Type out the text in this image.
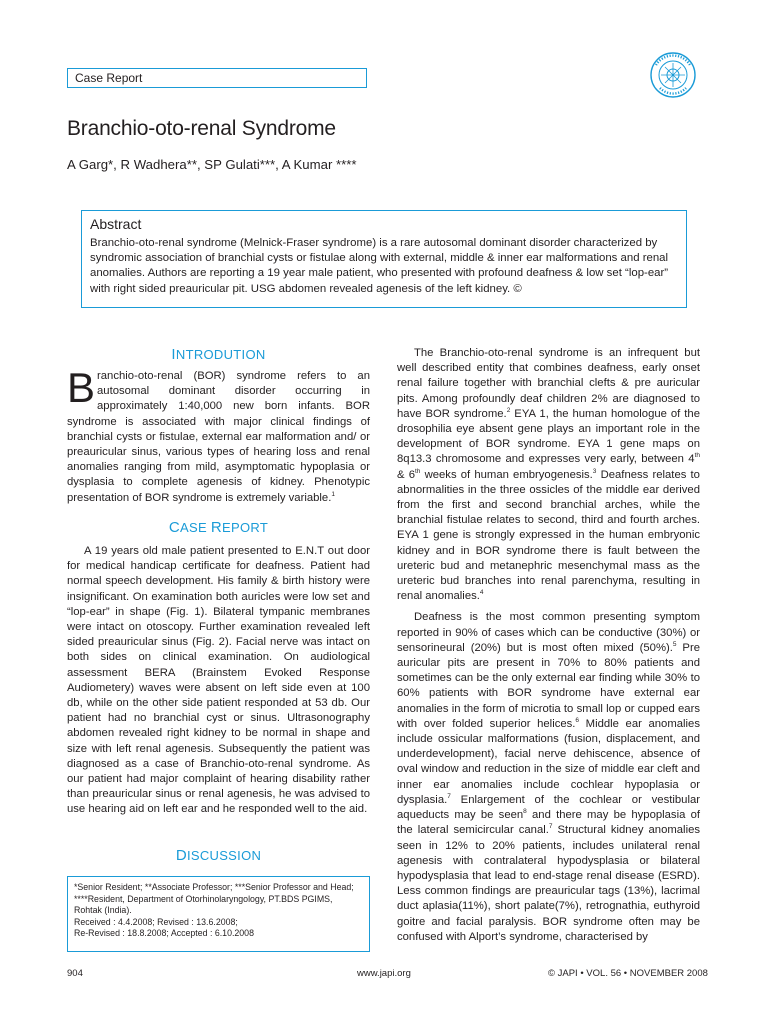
Case Report
Branchio-oto-renal Syndrome
A Garg*, R Wadhera**, SP Gulati***, A Kumar ****
Abstract

Branchio-oto-renal syndrome (Melnick-Fraser syndrome) is a rare autosomal dominant disorder characterized by syndromic association of branchial cysts or fistulae along with external, middle & inner ear malformations and renal anomalies. Authors are reporting a 19 year male patient, who presented with profound deafness & low set “lop-ear” with right sided preauricular pit. USG abdomen revealed agenesis of the left kidney. ©

INTRODUTION

Branchio-oto-renal (BOR) syndrome refers to an autosomal dominant disorder occurring in approximately 1:40,000 new born infants. BOR syndrome is associated with major clinical findings of branchial cysts or fistulae, external ear malformation and/ or preauricular sinus, various types of hearing loss and renal anomalies ranging from mild, asymptomatic hypoplasia or dysplasia to complete agenesis of kidney. Phenotypic presentation of BOR syndrome is extremely variable.$^1$

CASE REPORT

A 19 years old male patient presented to E.N.T out door for medical handicap certificate for deafness. Patient had normal speech development. His family & birth history were insignificant. On examination both auricles were low set and “lop-ear” in shape (Fig. 1). Bilateral tympanic membranes were intact on otoscopy. Further examination revealed left sided preauricular sinus (Fig. 2). Facial nerve was intact on both sides on clinical examination. On audiological assessment BERA (Brainstem Evoked Response Audiometery) waves were absent on left side even at 100 db, while on the other side patient responded at 53 db. Our patient had no branchial cyst or sinus. Ultrasonography abdomen revealed right kidney to be normal in shape and size with left renal agenesis. Subsequently the patient was diagnosed as a case of Branchio-oto-renal syndrome. As our patient had major complaint of hearing disability rather than preauricular sinus or renal agenesis, he was advised to use hearing aid on left ear and he responded well to the aid.

DISCUSSION

The Branchio-oto-renal syndrome is an infrequent but well described entity that combines deafness, early onset renal failure together with branchial clefts & pre auricular pits. Among profoundly deaf children 2% are diagnosed to have BOR syndrome.$^2$ EYA 1, the human homologue of the drosophilia eye absent gene plays an important role in the development of BOR syndrome. EYA 1 gene maps on 8q13.3 chromosome and expresses very early, between 4th & 6th weeks of human embryogenesis.$^3$ Deafness relates to abnormalities in the three ossicles of the middle ear derived from the first and second branchial arches, while the branchial fistulae relates to second, third and fourth arches. EYA 1 gene is strongly expressed in the human embryonic kidney and in BOR syndrome there is fault between the ureteric bud and metanephric mesenchymal mass as the ureteric bud branches into renal parenchyma, resulting in renal anomalies.$^4$

Deafness is the most common presenting symptom reported in 90% of cases which can be conductive (30%) or sensorineural (20%) but is most often mixed (50%).$^5$ Pre auricular pits are present in 70% to 80% patients and sometimes can be the only external ear finding while 30% to 60% patients with BOR syndrome have external ear anomalies in the form of microtia to small lop or cupped ears with over folded superior helices.$^6$ Middle ear anomalies include ossicular malformations (fusion, displacement, and underdevelopment), facial nerve dehiscence, absence of oval window and reduction in the size of middle ear cleft and inner ear anomalies include cochlear hypoplasia or dysplasia.$^7$ Enlargement of the cochlear or vestibular aqueducts may be seen$^8$ and there may be hypoplasia of the lateral semicircular canal.$^7$ Structural kidney anomalies seen in 12% to 20% patients, includes unilateral renal agenesis with contralateral hypodysplasia or bilateral hypodysplasia that lead to end-stage renal disease (ESRD). Less common findings are preauricular tags (13%), lacrimal duct aplasia(11%), short palate(7%), retrognathia, euthyroid goitre and facial paralysis. BOR syndrome often may be confused with Alport’s syndrome, characterised by

*Senior Resident; **Associate Professor; ***Senior Professor and Head;
****Resident, Department of Otorhinolaryngology, PT.BDS PGIMS,
Rohtak (India).
Received : 4.4.2008; Revised : 13.6.2008;
Re-Revised : 18.8.2008; Accepted : 6.10.2008
904	www.japi.org	© JAPI • VOL. 56 • NOVEMBER 2008
